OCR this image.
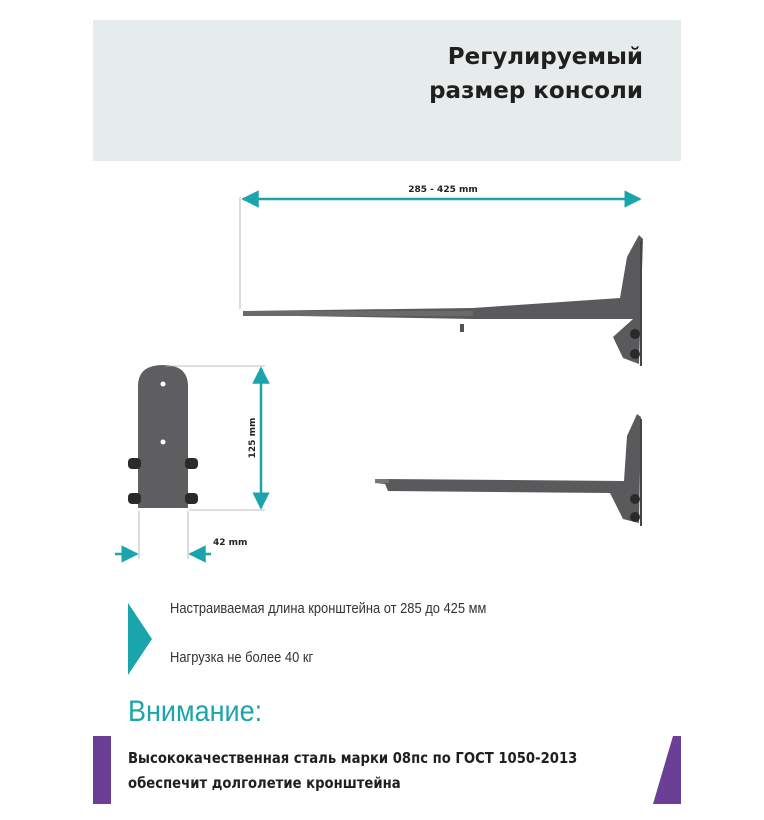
Регулируемый
размер консоли
285 - 425 mm
125 mm
42 mm
Настраиваемая длина кронштейна от 285 до 425 мм
Нагрузка не более 40 кг
Внимание:
Высококачественная сталь марки 08пс по ГОСТ 1050-2013
обеспечит долголетие кронштейна
